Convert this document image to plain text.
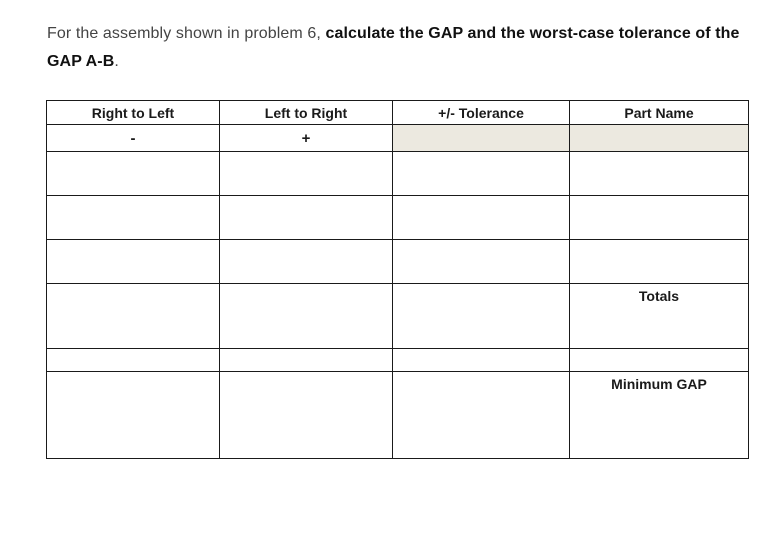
For the assembly shown in problem 6, calculate the GAP and the worst-case tolerance of the GAP A-B.
Right to Left	Left to Right	+/- Tolerance	Part Name
-	+		

			Totals

			Minimum GAP
